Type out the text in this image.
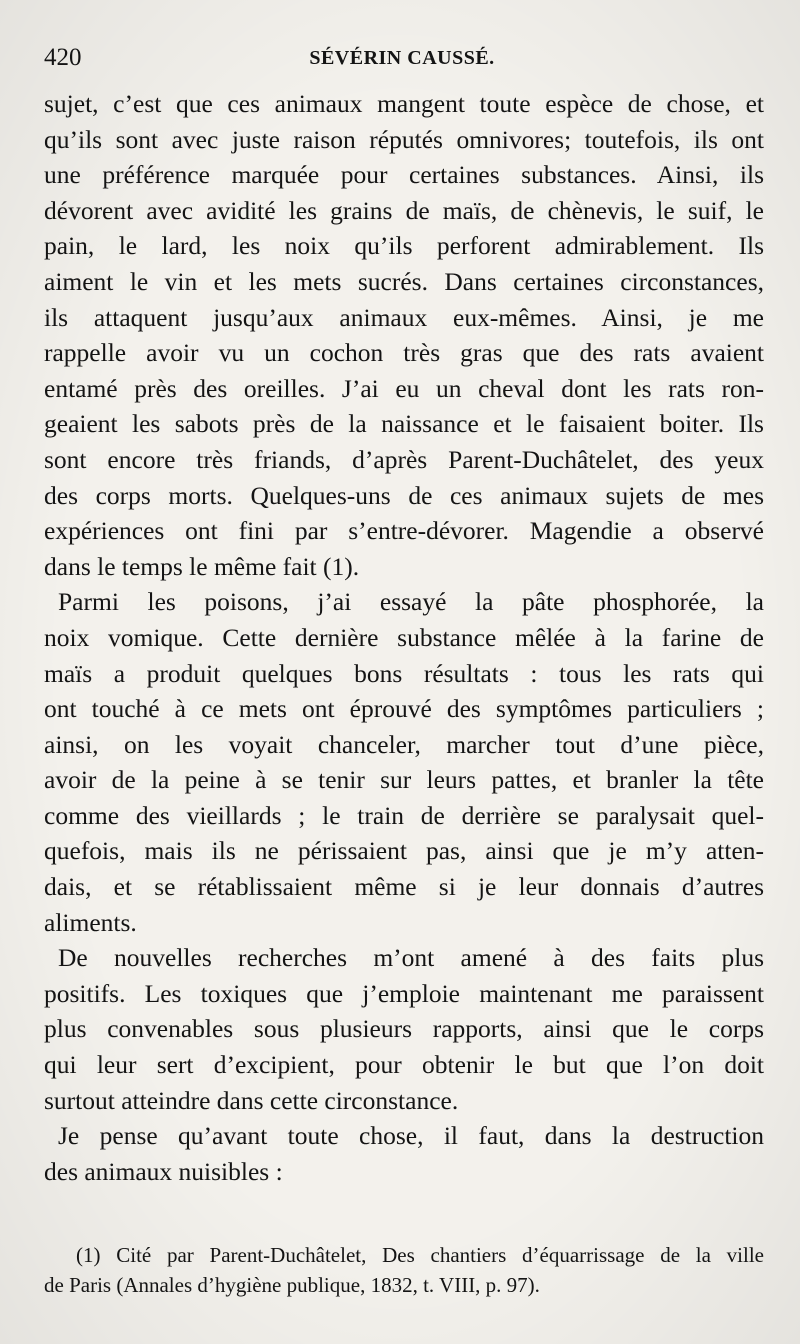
420	SÉVÉRIN CAUSSÉ.
sujet, c’est que ces animaux mangent toute espèce de chose, et
qu’ils sont avec juste raison réputés omnivores; toutefois, ils ont
une préférence marquée pour certaines substances. Ainsi, ils
dévorent avec avidité les grains de maïs, de chènevis, le suif, le
pain, le lard, les noix qu’ils perforent admirablement. Ils
aiment le vin et les mets sucrés. Dans certaines circonstances,
ils attaquent jusqu’aux animaux eux-mêmes. Ainsi, je me
rappelle avoir vu un cochon très gras que des rats avaient
entamé près des oreilles. J’ai eu un cheval dont les rats ron-
geaient les sabots près de la naissance et le faisaient boiter. Ils
sont encore très friands, d’après Parent-Duchâtelet, des yeux
des corps morts. Quelques-uns de ces animaux sujets de mes
expériences ont fini par s’entre-dévorer. Magendie a observé
dans le temps le même fait (1).
Parmi les poisons, j’ai essayé la pâte phosphorée, la
noix vomique. Cette dernière substance mêlée à la farine de
maïs a produit quelques bons résultats : tous les rats qui
ont touché à ce mets ont éprouvé des symptômes particuliers ;
ainsi, on les voyait chanceler, marcher tout d’une pièce,
avoir de la peine à se tenir sur leurs pattes, et branler la tête
comme des vieillards ; le train de derrière se paralysait quel-
quefois, mais ils ne périssaient pas, ainsi que je m’y atten-
dais, et se rétablissaient même si je leur donnais d’autres
aliments.
De nouvelles recherches m’ont amené à des faits plus
positifs. Les toxiques que j’emploie maintenant me paraissent
plus convenables sous plusieurs rapports, ainsi que le corps
qui leur sert d’excipient, pour obtenir le but que l’on doit
surtout atteindre dans cette circonstance.
Je pense qu’avant toute chose, il faut, dans la destruction
des animaux nuisibles :
(1) Cité par Parent-Duchâtelet, Des chantiers d’équarrissage de la ville
de Paris (Annales d’hygiène publique, 1832, t. VIII, p. 97).
